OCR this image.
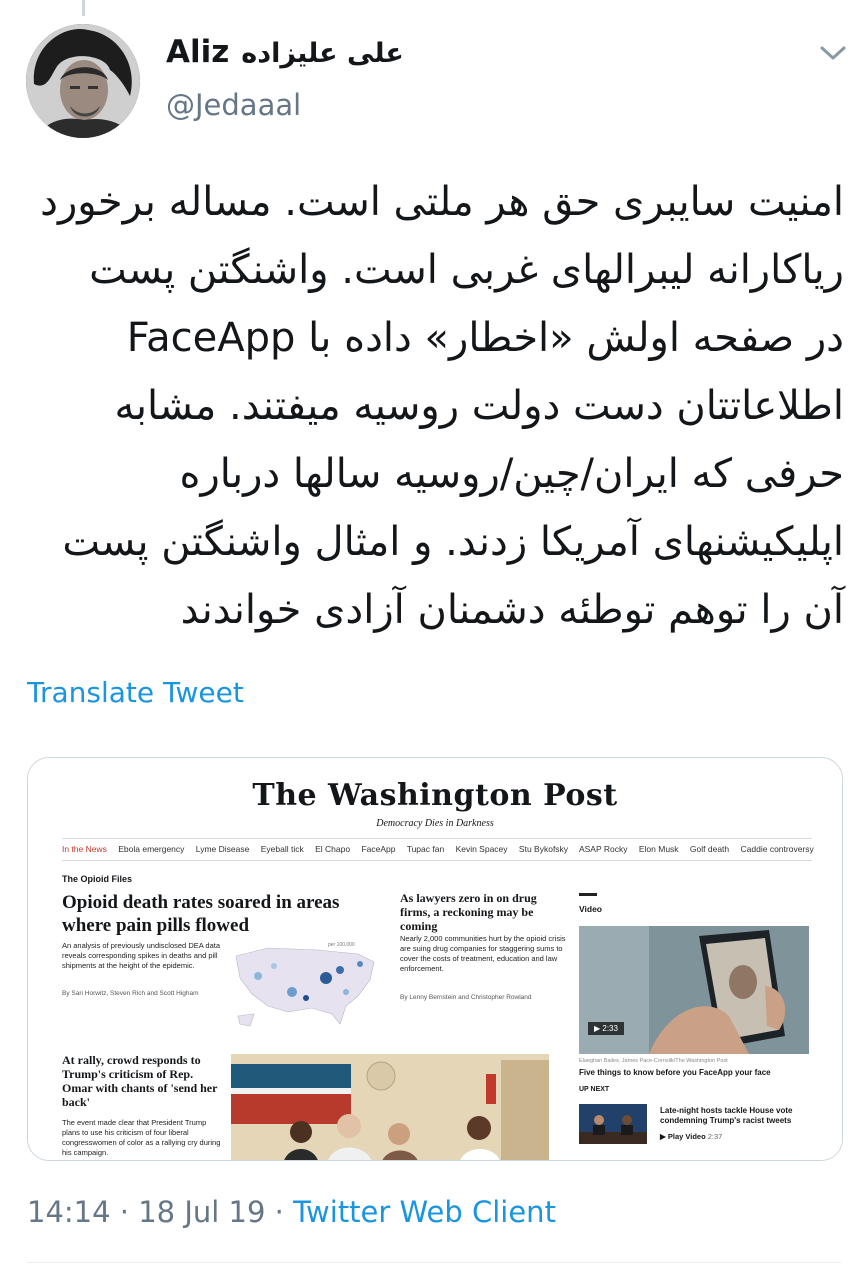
Aliz علی علیزاده
@Jedaaal
امنیت سایبری حق هر ملتی است. مساله برخورد
ریاکارانه لیبرالهای غربی است. واشنگتن پست
در صفحه اولش «اخطار» داده با FaceApp
اطلاعاتتان دست دولت روسیه میفتند. مشابه
حرفی که ایران/چین/روسیه سالها درباره
اپلیکیشنهای آمریکا زدند. و امثال واشنگتن پست
آن را توهم توطئه دشمنان آزادی خواندند
Translate Tweet
The Washington Post
Democracy Dies in Darkness
In the News Ebola emergency Lyme Disease Eyeball tick El Chapo FaceApp Tupac fan Kevin Spacey Stu Bykofsky ASAP Rocky Elon Musk Golf death Caddie controversy
The Opioid Files
Opioid death rates soared in areas where pain pills flowed
An analysis of previously undisclosed DEA data reveals corresponding spikes in deaths and pill shipments at the height of the epidemic.
By Sari Horwitz, Steven Rich and Scott Higham
per 100,000
As lawyers zero in on drug firms, a reckoning may be coming
Nearly 2,000 communities hurt by the opioid crisis are suing drug companies for staggering sums to cover the costs of treatment, education and law enforcement.
By Lenny Bernstein and Christopher Rowland
Video
▶ 2:33
Elaeghan Bailes, James Pace-Cornsilk/The Washington Post
Five things to know before you FaceApp your face
UP NEXT
Late-night hosts tackle House vote condemning Trump's racist tweets
▶ Play Video 2:37
At rally, crowd responds to Trump's criticism of Rep. Omar with chants of 'send her back'
The event made clear that President Trump plans to use his criticism of four liberal congresswomen of color as a rallying cry during his campaign.
14:14 · 18 Jul 19 · Twitter Web Client
